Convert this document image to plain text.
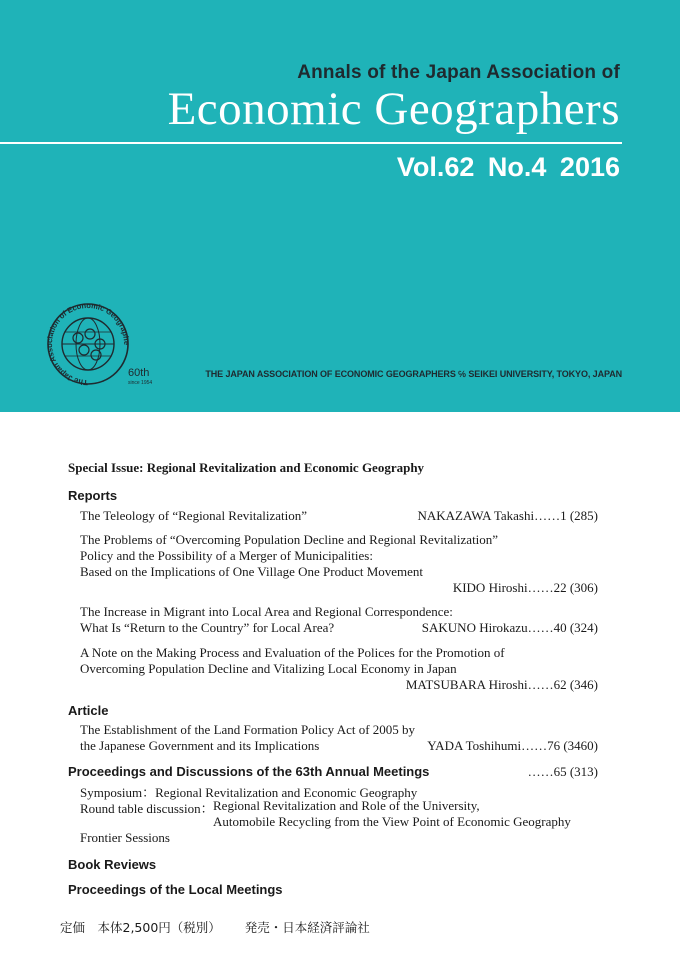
Annals of the Japan Association of
Economic Geographers
Vol.62 No.4 2016
The Japan Association of Economic Geographe
60th
since 1954
THE JAPAN ASSOCIATION OF ECONOMIC GEOGRAPHERS ℅ SEIKEI UNIVERSITY, TOKYO, JAPAN
Special Issue: Regional Revitalization and Economic Geography
Reports
The Teleology of “Regional Revitalization”	NAKAZAWA Takashi……1 (285)
The Problems of “Overcoming Population Decline and Regional Revitalization”
Policy and the Possibility of a Merger of Municipalities:
Based on the Implications of One Village One Product Movement
KIDO Hiroshi……22 (306)
The Increase in Migrant into Local Area and Regional Correspondence:
What Is “Return to the Country” for Local Area?	SAKUNO Hirokazu……40 (324)
A Note on the Making Process and Evaluation of the Polices for the Promotion of
Overcoming Population Decline and Vitalizing Local Economy in Japan
MATSUBARA Hiroshi……62 (346)
Article
The Establishment of the Land Formation Policy Act of 2005 by
the Japanese Government and its Implications	YADA Toshihumi……76 (3460)
Proceedings and Discussions of the 63th Annual Meetings	……65 (313)
Symposium：Regional Revitalization and Economic Geography
Round table discussion： Regional Revitalization and Role of the University,
Automobile Recycling from the View Point of Economic Geography
Frontier Sessions
Book Reviews
Proceedings of the Local Meetings
定価　本体2,500円（税別） 発売・日本経済評論社
